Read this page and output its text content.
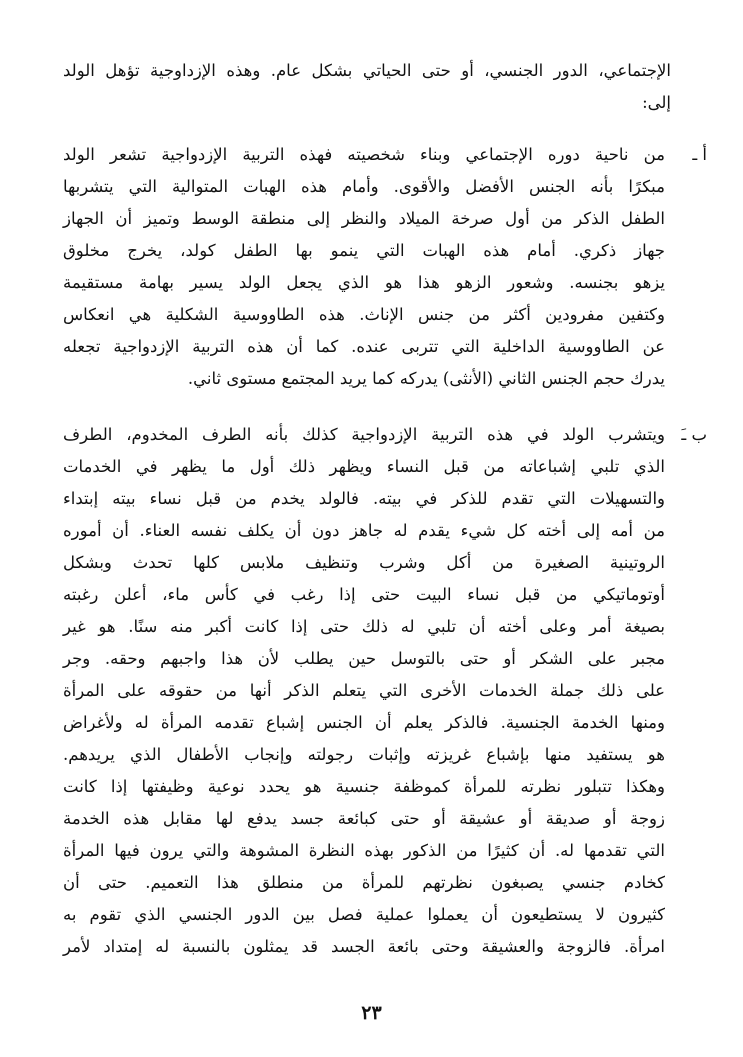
الإجتماعي، الدور الجنسي، أو حتى الحياتي بشكل عام. وهذه الإزداوجية تؤهل الولد
إلى:
أ ـ
من ناحية دوره الإجتماعي وبناء شخصيته فهذه التربية الإزدواجية تشعر الولد
مبكرًا بأنه الجنس الأفضل والأقوى. وأمام هذه الهبات المتوالية التي يتشربها
الطفل الذكر من أول صرخة الميلاد والنظر إلى منطقة الوسط وتميز أن الجهاز
جهاز ذكري. أمام هذه الهبات التي ينمو بها الطفل كولد، يخرج مخلوق
يزهو بجنسه. وشعور الزهو هذا هو الذي يجعل الولد يسير بهامة مستقيمة
وكتفين مفرودين أكثر من جنس الإناث. هذه الطاووسية الشكلية هي انعكاس
عن الطاووسية الداخلية التي تتربى عنده. كما أن هذه التربية الإزدواجية تجعله
يدرك حجم الجنس الثاني (الأنثى) يدركه كما يريد المجتمع مستوى ثاني.
ب ـَ
ويتشرب الولد في هذه التربية الإزدواجية كذلك بأنه الطرف المخدوم، الطرف
الذي تلبي إشباعاته من قبل النساء ويظهر ذلك أول ما يظهر في الخدمات
والتسهيلات التي تقدم للذكر في بيته. فالولد يخدم من قبل نساء بيته إبتداء
من أمه إلى أخته كل شيء يقدم له جاهز دون أن يكلف نفسه العناء. أن أموره
الروتينية الصغيرة من أكل وشرب وتنظيف ملابس كلها تحدث وبشكل
أوتوماتيكي من قبل نساء البيت حتى إذا رغب في كأس ماء، أعلن رغبته
بصيغة أمر وعلى أخته أن تلبي له ذلك حتى إذا كانت أكبر منه سنًا. هو غير
مجبر على الشكر أو حتى بالتوسل حين يطلب لأن هذا واجبهم وحقه. وجر
على ذلك جملة الخدمات الأخرى التي يتعلم الذكر أنها من حقوقه على المرأة
ومنها الخدمة الجنسية. فالذكر يعلم أن الجنس إشباع تقدمه المرأة له ولأغراض
هو يستفيد منها بإشباع غريزته وإثبات رجولته وإنجاب الأطفال الذي يريدهم.
وهكذا تتبلور نظرته للمرأة كموظفة جنسية هو يحدد نوعية وظيفتها إذا كانت
زوجة أو صديقة أو عشيقة أو حتى كبائعة جسد يدفع لها مقابل هذه الخدمة
التي تقدمها له. أن كثيرًا من الذكور بهذه النظرة المشوهة والتي يرون فيها المرأة
كخادم جنسي يصبغون نظرتهم للمرأة من منطلق هذا التعميم. حتى أن
كثيرون لا يستطيعون أن يعملوا عملية فصل بين الدور الجنسي الذي تقوم به
امرأة. فالزوجة والعشيقة وحتى بائعة الجسد قد يمثلون بالنسبة له إمتداد لأمر
٢٣
